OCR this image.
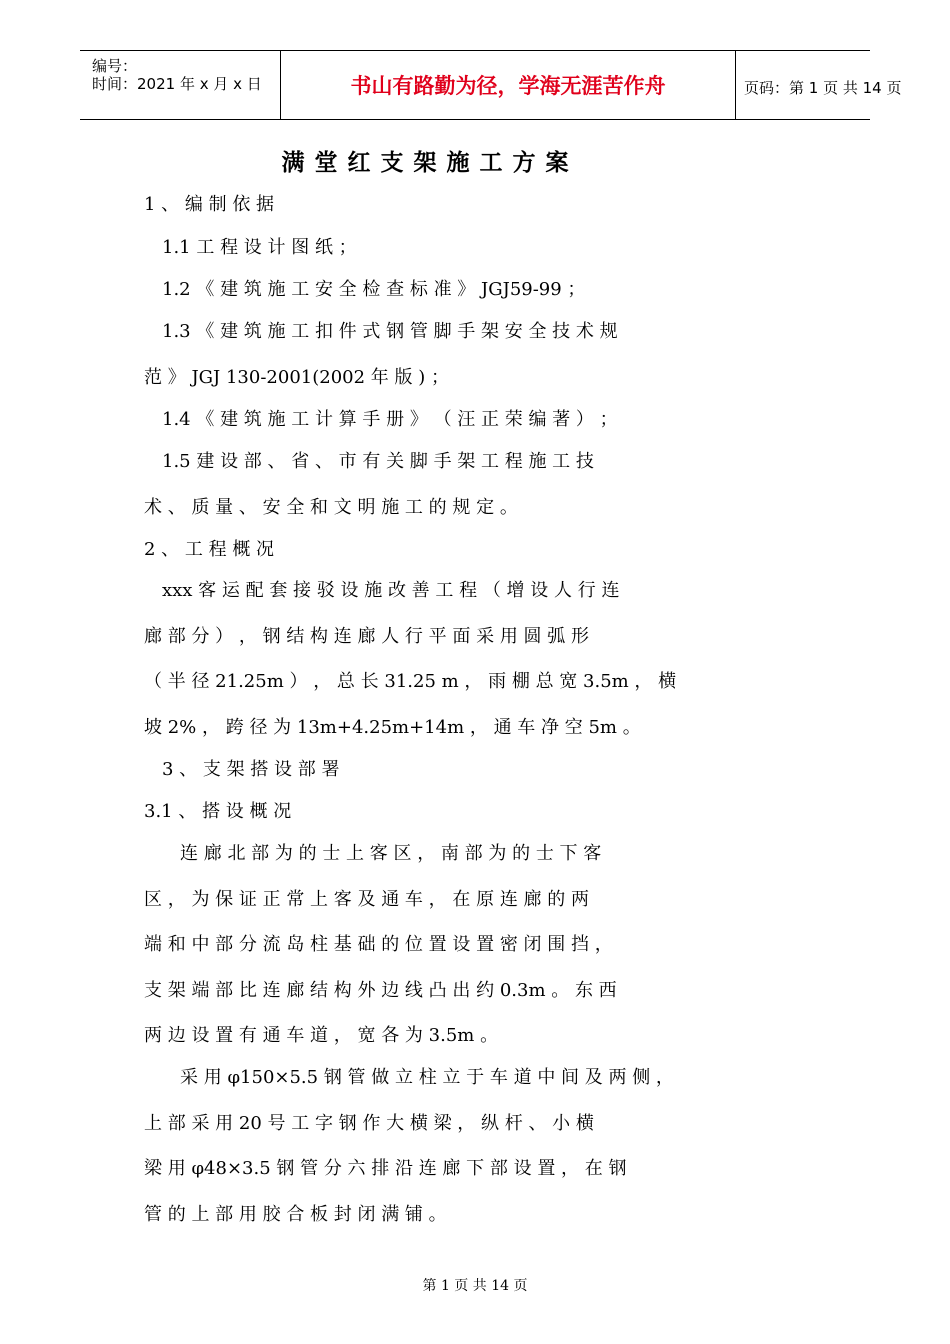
编号：
时间：2021 年 x 月 x 日	书山有路勤为径，学海无涯苦作舟	页码：第 1 页 共 14 页
满堂红支架施工方案
1 、 编 制 依 据
1.1 工 程 设 计 图 纸 ；
1.2 《 建 筑 施 工 安 全 检 查 标 准 》 JGJ59-99 ；
1.3 《 建 筑 施 工 扣 件 式 钢 管 脚 手 架 安 全 技 术 规
范 》 JGJ 130-2001(2002 年 版 ) ；
1.4 《 建 筑 施 工 计 算 手 册 》 （ 汪 正 荣 编 著 ） ；
1.5 建 设 部 、 省 、 市 有 关 脚 手 架 工 程 施 工 技
术 、 质 量 、 安 全 和 文 明 施 工 的 规 定 。
2 、 工 程 概 况
xxx 客 运 配 套 接 驳 设 施 改 善 工 程 （ 增 设 人 行 连
廊 部 分 ） ， 钢 结 构 连 廊 人 行 平 面 采 用 圆 弧 形
（ 半 径 21.25m ） ， 总 长 31.25 m ， 雨 棚 总 宽 3.5m ， 横
坡 2% ， 跨 径 为 13m+4.25m+14m ， 通 车 净 空 5m 。
3 、 支 架 搭 设 部 署
3.1 、 搭 设 概 况
连 廊 北 部 为 的 士 上 客 区 ， 南 部 为 的 士 下 客
区 ， 为 保 证 正 常 上 客 及 通 车 ， 在 原 连 廊 的 两
端 和 中 部 分 流 岛 柱 基 础 的 位 置 设 置 密 闭 围 挡 ，
支 架 端 部 比 连 廊 结 构 外 边 线 凸 出 约 0.3m 。 东 西
两 边 设 置 有 通 车 道 ， 宽 各 为 3.5m 。
采 用 φ150×5.5 钢 管 做 立 柱 立 于 车 道 中 间 及 两 侧 ，
上 部 采 用 20 号 工 字 钢 作 大 横 梁 ， 纵 杆 、 小 横
梁 用 φ48×3.5 钢 管 分 六 排 沿 连 廊 下 部 设 置 ， 在 钢
管 的 上 部 用 胶 合 板 封 闭 满 铺 。
第 1 页 共 14 页
